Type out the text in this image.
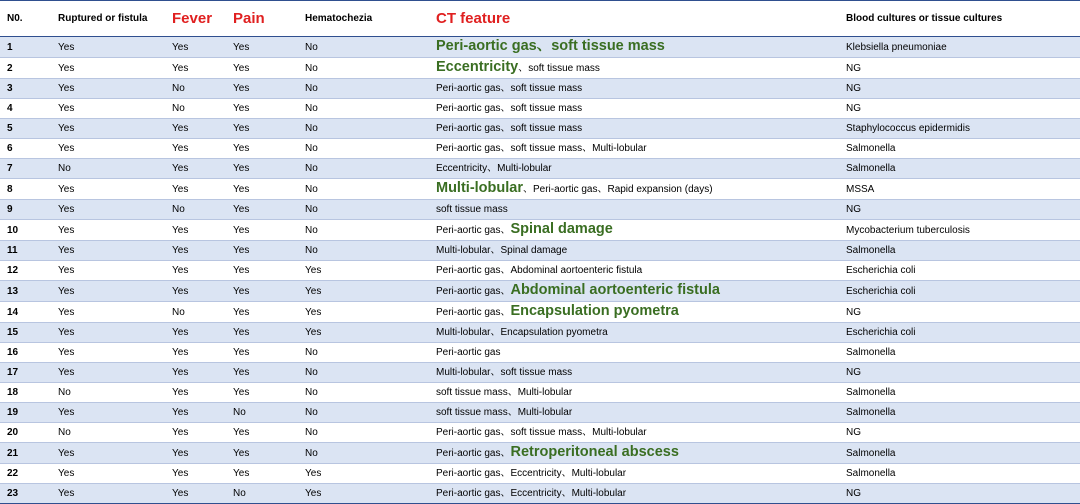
N0.	Ruptured or fistula	Fever	Pain	Hematochezia	CT feature	Blood cultures or tissue cultures
1	Yes	Yes	Yes	No	Peri-aortic gas、soft tissue mass	Klebsiella pneumoniae
2	Yes	Yes	Yes	No	Eccentricity、soft tissue mass	NG
3	Yes	No	Yes	No	Peri-aortic gas、soft tissue mass	NG
4	Yes	No	Yes	No	Peri-aortic gas、soft tissue mass	NG
5	Yes	Yes	Yes	No	Peri-aortic gas、soft tissue mass	Staphylococcus epidermidis
6	Yes	Yes	Yes	No	Peri-aortic gas、soft tissue mass、Multi-lobular	Salmonella
7	No	Yes	Yes	No	Eccentricity、Multi-lobular	Salmonella
8	Yes	Yes	Yes	No	Multi-lobular、Peri-aortic gas、Rapid expansion (days)	MSSA
9	Yes	No	Yes	No	soft tissue mass	NG
10	Yes	Yes	Yes	No	Peri-aortic gas、Spinal damage	Mycobacterium tuberculosis
11	Yes	Yes	Yes	No	Multi-lobular、Spinal damage	Salmonella
12	Yes	Yes	Yes	Yes	Peri-aortic gas、Abdominal aortoenteric fistula	Escherichia coli
13	Yes	Yes	Yes	Yes	Peri-aortic gas、Abdominal aortoenteric fistula	Escherichia coli
14	Yes	No	Yes	Yes	Peri-aortic gas、Encapsulation pyometra	NG
15	Yes	Yes	Yes	Yes	Multi-lobular、Encapsulation pyometra	Escherichia coli
16	Yes	Yes	Yes	No	Peri-aortic gas	Salmonella
17	Yes	Yes	Yes	No	Multi-lobular、soft tissue mass	NG
18	No	Yes	Yes	No	soft tissue mass、Multi-lobular	Salmonella
19	Yes	Yes	No	No	soft tissue mass、Multi-lobular	Salmonella
20	No	Yes	Yes	No	Peri-aortic gas、soft tissue mass、Multi-lobular	NG
21	Yes	Yes	Yes	No	Peri-aortic gas、Retroperitoneal abscess	Salmonella
22	Yes	Yes	Yes	Yes	Peri-aortic gas、Eccentricity、Multi-lobular	Salmonella
23	Yes	Yes	No	Yes	Peri-aortic gas、Eccentricity、Multi-lobular	NG
